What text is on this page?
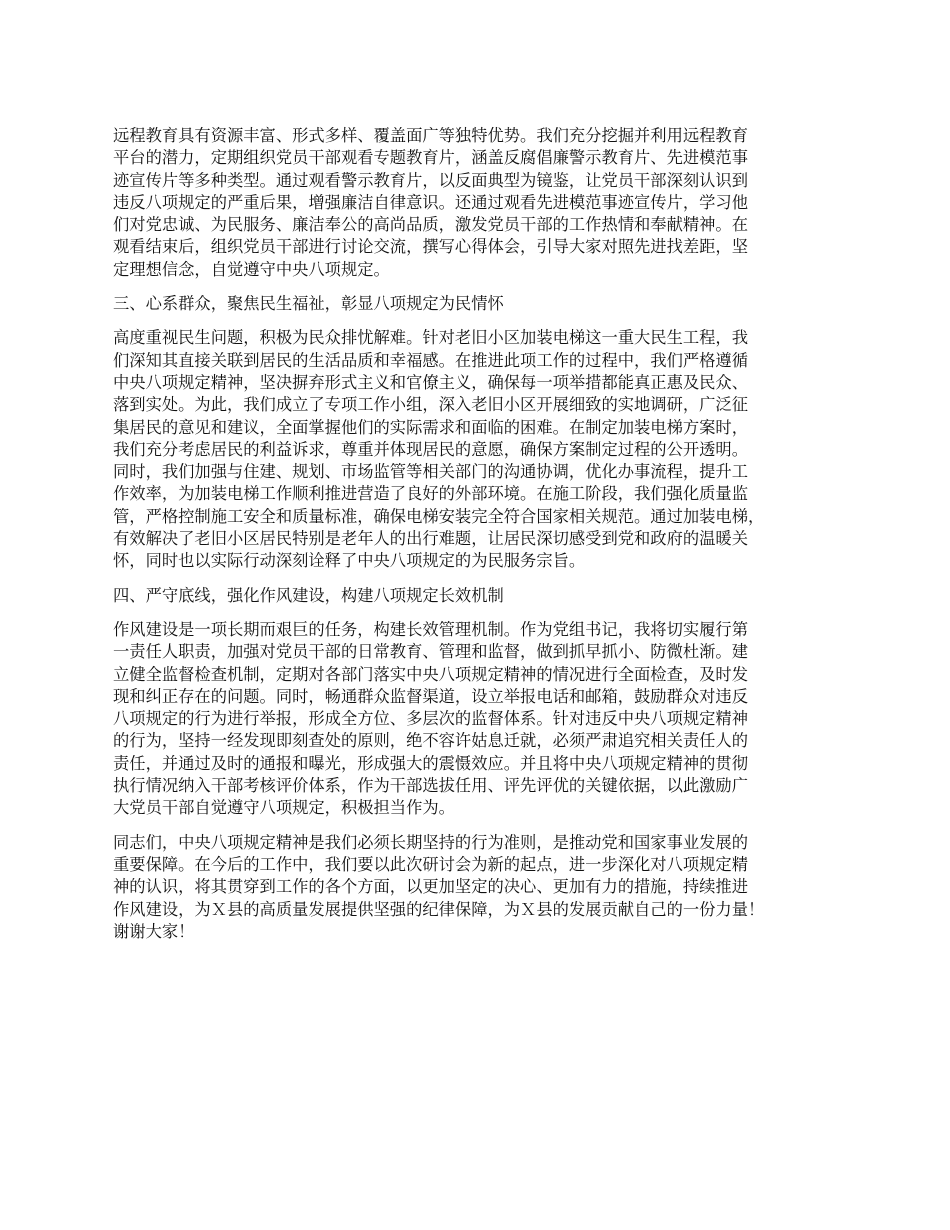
远程教育具有资源丰富、形式多样、覆盖面广等独特优势。我们充分挖掘并利用远程教育
平台的潜力，定期组织党员干部观看专题教育片，涵盖反腐倡廉警示教育片、先进模范事
迹宣传片等多种类型。通过观看警示教育片，以反面典型为镜鉴，让党员干部深刻认识到
违反八项规定的严重后果，增强廉洁自律意识。还通过观看先进模范事迹宣传片，学习他
们对党忠诚、为民服务、廉洁奉公的高尚品质，激发党员干部的工作热情和奉献精神。在
观看结束后，组织党员干部进行讨论交流，撰写心得体会，引导大家对照先进找差距，坚
定理想信念，自觉遵守中央八项规定。
三、心系群众，聚焦民生福祉，彰显八项规定为民情怀
高度重视民生问题，积极为民众排忧解难。针对老旧小区加装电梯这一重大民生工程，我
们深知其直接关联到居民的生活品质和幸福感。在推进此项工作的过程中，我们严格遵循
中央八项规定精神，坚决摒弃形式主义和官僚主义，确保每一项举措都能真正惠及民众、
落到实处。为此，我们成立了专项工作小组，深入老旧小区开展细致的实地调研，广泛征
集居民的意见和建议，全面掌握他们的实际需求和面临的困难。在制定加装电梯方案时，
我们充分考虑居民的利益诉求，尊重并体现居民的意愿，确保方案制定过程的公开透明。
同时，我们加强与住建、规划、市场监管等相关部门的沟通协调，优化办事流程，提升工
作效率，为加装电梯工作顺利推进营造了良好的外部环境。在施工阶段，我们强化质量监
管，严格控制施工安全和质量标准，确保电梯安装完全符合国家相关规范。通过加装电梯，
有效解决了老旧小区居民特别是老年人的出行难题，让居民深切感受到党和政府的温暖关
怀，同时也以实际行动深刻诠释了中央八项规定的为民服务宗旨。
四、严守底线，强化作风建设，构建八项规定长效机制
作风建设是一项长期而艰巨的任务，构建长效管理机制。作为党组书记，我将切实履行第
一责任人职责，加强对党员干部的日常教育、管理和监督，做到抓早抓小、防微杜渐。建
立健全监督检查机制，定期对各部门落实中央八项规定精神的情况进行全面检查，及时发
现和纠正存在的问题。同时，畅通群众监督渠道，设立举报电话和邮箱，鼓励群众对违反
八项规定的行为进行举报，形成全方位、多层次的监督体系。针对违反中央八项规定精神
的行为，坚持一经发现即刻查处的原则，绝不容许姑息迁就，必须严肃追究相关责任人的
责任，并通过及时的通报和曝光，形成强大的震慑效应。并且将中央八项规定精神的贯彻
执行情况纳入干部考核评价体系，作为干部选拔任用、评先评优的关键依据，以此激励广
大党员干部自觉遵守八项规定，积极担当作为。
同志们，中央八项规定精神是我们必须长期坚持的行为准则，是推动党和国家事业发展的
重要保障。在今后的工作中，我们要以此次研讨会为新的起点，进一步深化对八项规定精
神的认识，将其贯穿到工作的各个方面，以更加坚定的决心、更加有力的措施，持续推进
作风建设，为Ｘ县的高质量发展提供坚强的纪律保障，为Ｘ县的发展贡献自己的一份力量！
谢谢大家！
